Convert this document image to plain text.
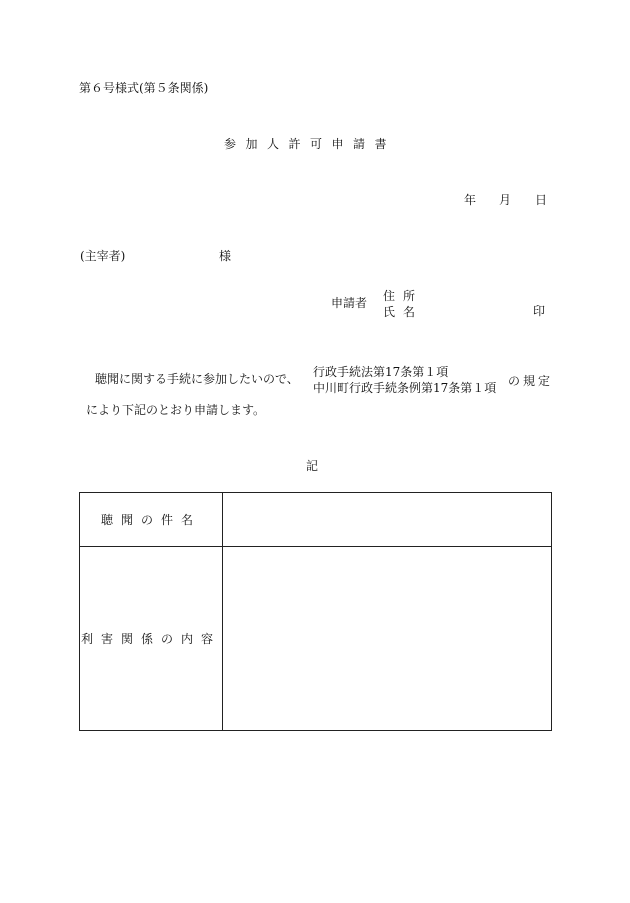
第６号様式(第５条関係)
参加人許可申請書
年 月 日
(主宰者)	様
申請者 住所
氏名	印
聴聞に関する手続に参加したいので、 行政手続法第17条第１項
中川町行政手続条例第17条第１項 の規定
により下記のとおり申請します。
記
聴聞の件名	
利害関係の内容	
